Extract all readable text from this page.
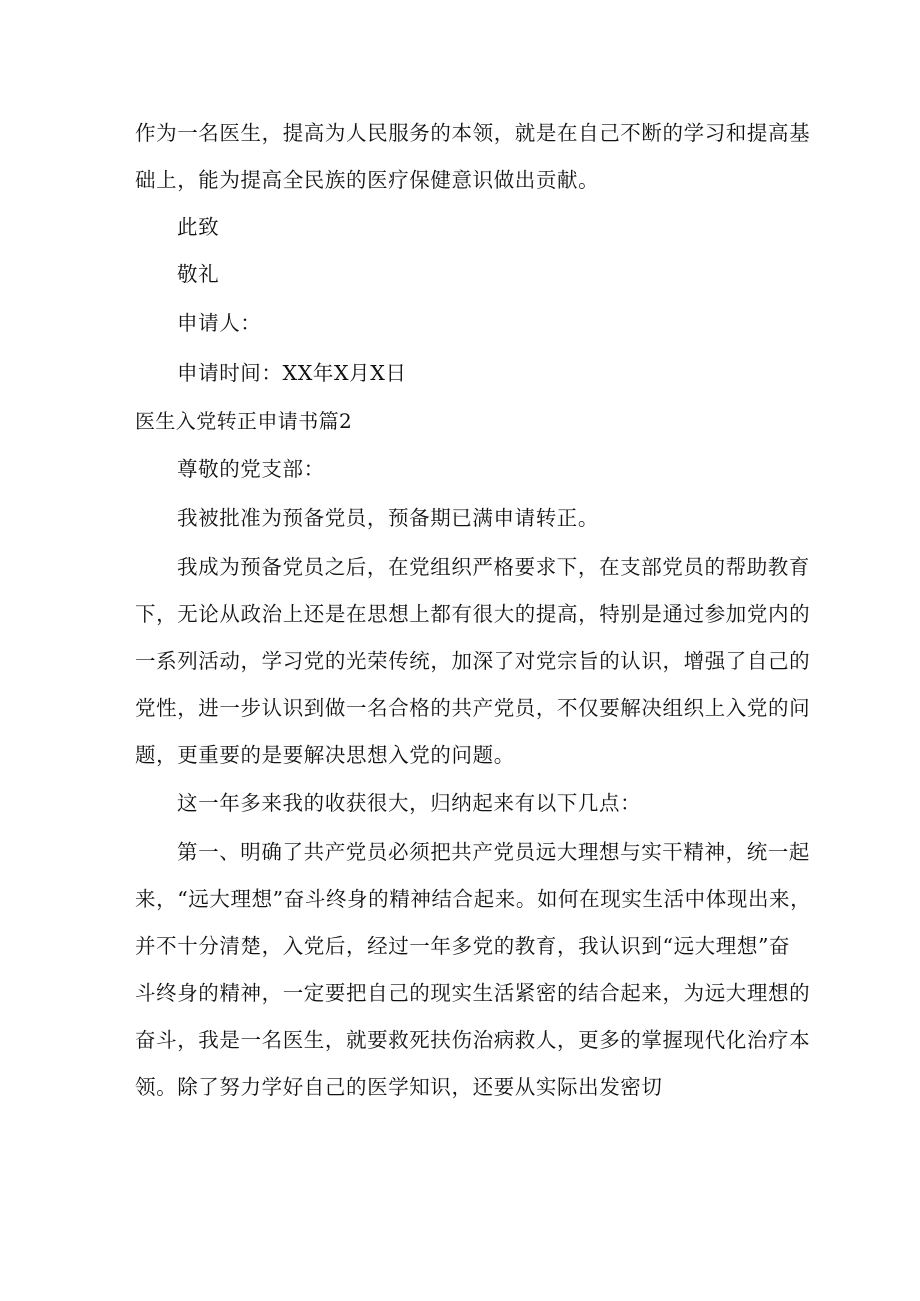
作为一名医生，提高为人民服务的本领，就是在自己不断的学习和提高基
础上，能为提高全民族的医疗保健意识做出贡献。
此致
敬礼
申请人：
申请时间：XX年X月X日
医生入党转正申请书篇2
尊敬的党支部：
我被批准为预备党员，预备期已满申请转正。
我成为预备党员之后，在党组织严格要求下，在支部党员的帮助教育
下，无论从政治上还是在思想上都有很大的提高，特别是通过参加党内的
一系列活动，学习党的光荣传统，加深了对党宗旨的认识，增强了自己的
党性，进一步认识到做一名合格的共产党员，不仅要解决组织上入党的问
题，更重要的是要解决思想入党的问题。
这一年多来我的收获很大，归纳起来有以下几点：
第一、明确了共产党员必须把共产党员远大理想与实干精神，统一起
来，“远大理想”奋斗终身的精神结合起来。如何在现实生活中体现出来，
并不十分清楚，入党后，经过一年多党的教育，我认识到“远大理想”奋
斗终身的精神，一定要把自己的现实生活紧密的结合起来，为远大理想的
奋斗，我是一名医生，就要救死扶伤治病救人，更多的掌握现代化治疗本
领。除了努力学好自己的医学知识，还要从实际出发密切
